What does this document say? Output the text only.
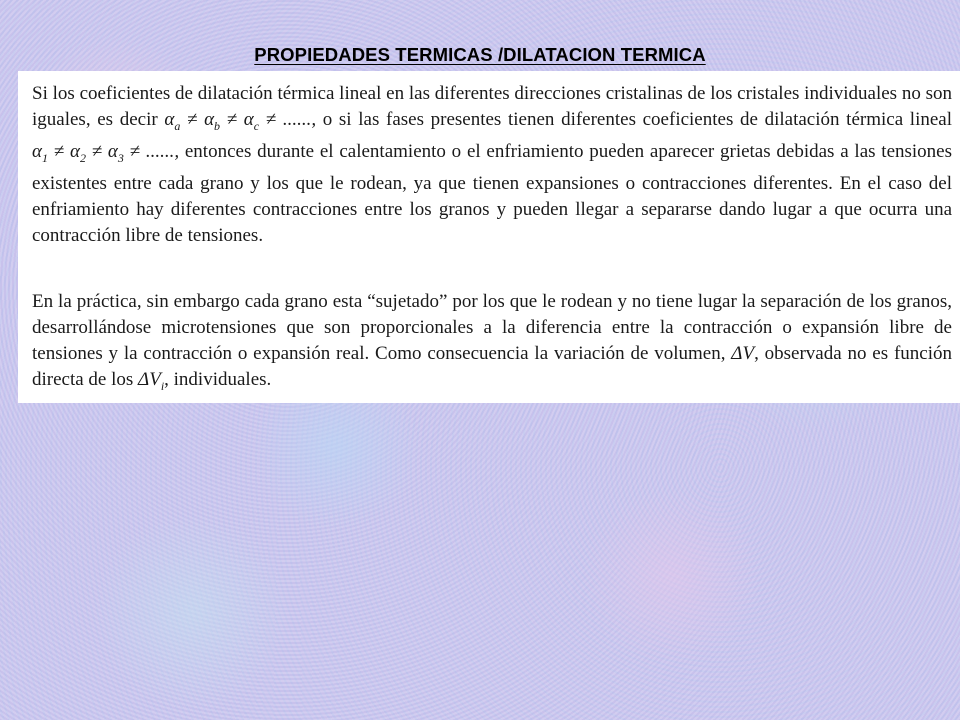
PROPIEDADES TERMICAS /DILATACION TERMICA
Si los coeficientes de dilatación térmica lineal en las diferentes direcciones cristalinas de los cristales individuales no son iguales, es decir $\alpha_a \ne \alpha_b \ne \alpha_c$ ≠ ......, o si las fases presentes tienen diferentes coeficientes de dilatación térmica lineal $\alpha_1 \ne \alpha_2 \ne \alpha_3$ ≠ ......, entonces durante el calentamiento o el enfriamiento pueden aparecer grietas debidas a las tensiones existentes entre cada grano y los que le rodean, ya que tienen expansiones o contracciones diferentes. En el caso del enfriamiento hay diferentes contracciones entre los granos y pueden llegar a separarse dando lugar a que ocurra una contracción libre de tensiones.
En la práctica, sin embargo cada grano esta “sujetado” por los que le rodean y no tiene lugar la separación de los granos, desarrollándose microtensiones que son proporcionales a la diferencia entre la contracción o expansión libre de tensiones y la contracción o expansión real. Como consecuencia la variación de volumen, ΔV, observada no es función directa de los $\Delta V_i$, individuales.
